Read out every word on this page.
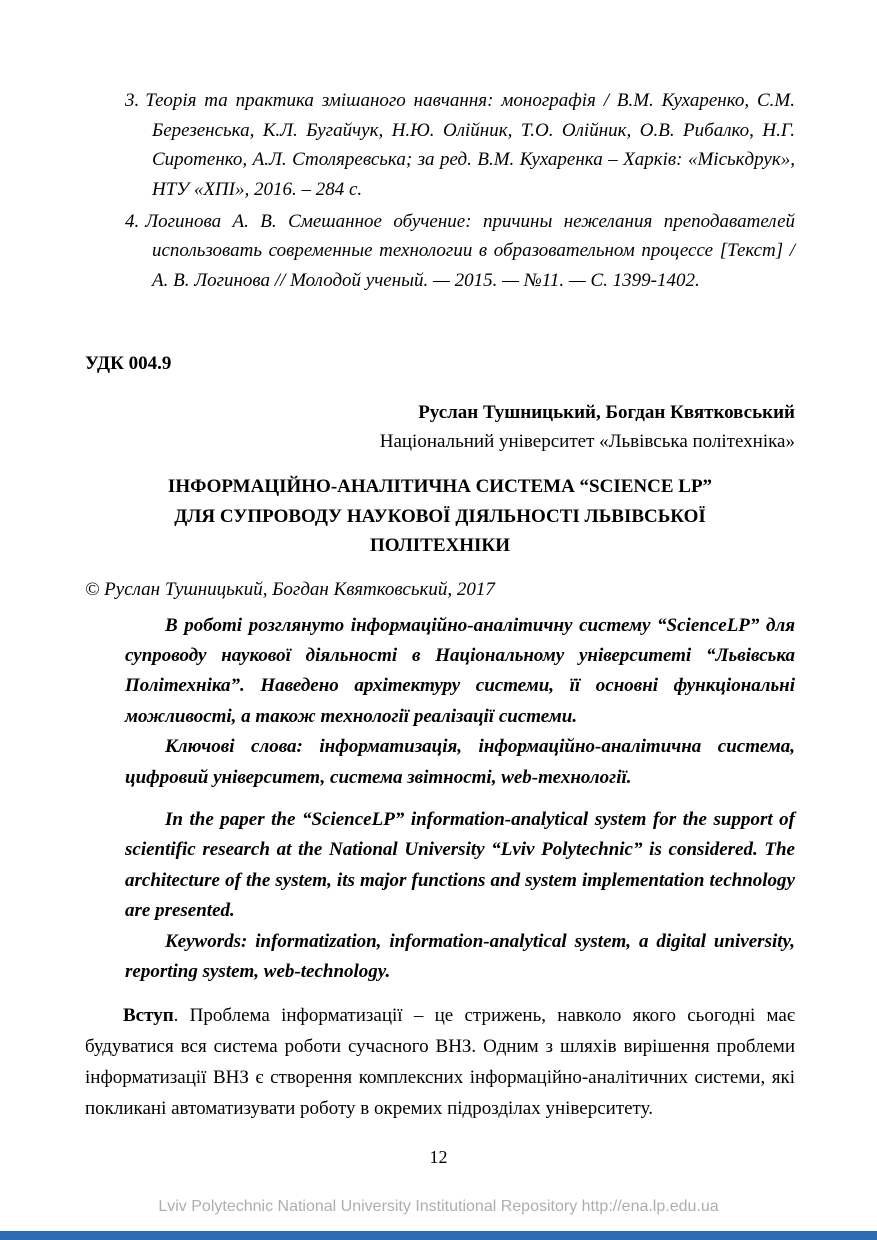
3. Теорія та практика змішаного навчання: монографія / В.М. Кухаренко, С.М. Березенська, К.Л. Бугайчук, Н.Ю. Олійник, Т.О. Олійник, О.В. Рибалко, Н.Г. Сиротенко, А.Л. Столяревська; за ред. В.М. Кухаренка – Харків: «Міськдрук», НТУ «ХПІ», 2016. – 284 с.

4. Логинова А. В. Смешанное обучение: причины нежелания преподавателей использовать современные технологии в образовательном процессе [Текст] / А. В. Логинова // Молодой ученый. — 2015. — №11. — С. 1399-1402.

УДК 004.9
Руслан Тушницький, Богдан Квятковський
Національний університет «Львівська політехніка»
ІНФОРМАЦІЙНО-АНАЛІТИЧНА СИСТЕМА “SCIENCE LP”
ДЛЯ СУПРОВОДУ НАУКОВОЇ ДІЯЛЬНОСТІ ЛЬВІВСЬКОЇ
ПОЛІТЕХНІКИ
© Руслан Тушницький, Богдан Квятковський, 2017

В роботі розглянуто інформаційно-аналітичну систему “ScienceLP” для супроводу наукової діяльності в Національному університеті “Львівська Політехніка”. Наведено архітектуру системи, її основні функціональні можливості, а також технології реалізації системи.

Ключові слова: інформатизація, інформаційно-аналітична система, цифровий університет, система звітності, web-технології.

In the paper the “ScienceLP” information-analytical system for the support of scientific research at the National University “Lviv Polytechnic” is considered. The architecture of the system, its major functions and system implementation technology are presented.

Keywords: informatization, information-analytical system, a digital university, reporting system, web-technology.

Вступ. Проблема інформатизації – це стрижень, навколо якого сьогодні має будуватися вся система роботи сучасного ВНЗ. Одним з шляхів вирішення проблеми інформатизації ВНЗ є створення комплексних інформаційно-аналітичних системи, які покликані автоматизувати роботу в окремих підрозділах університету.

12
Lviv Polytechnic National University Institutional Repository http://ena.lp.edu.ua
